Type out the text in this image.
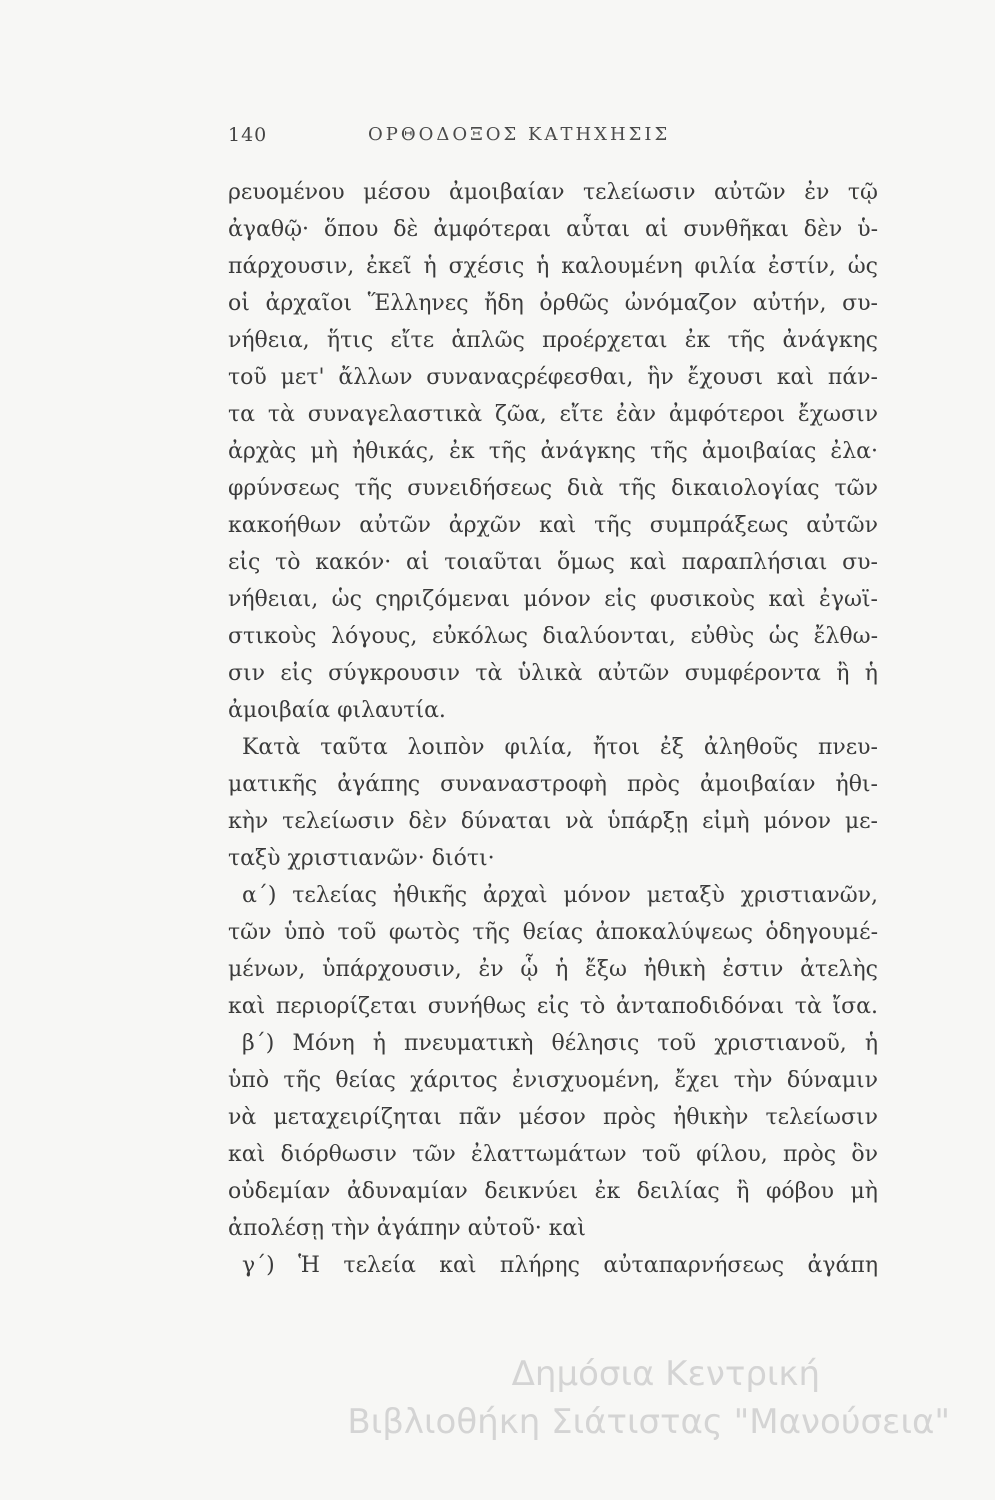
140	ΟΡΘΟΔΟΞΟΣ ΚΑΤΗΧΗΣΙΣ
ρευομένου μέσου ἀμοιβαίαν τελείωσιν αὐτῶν ἐν τῷ
ἀγαθῷ· ὅπου δὲ ἀμφότεραι αὗται αἱ συνθῆκαι δὲν ὑ-
πάρχουσιν, ἐκεῖ ἡ σχέσις ἡ καλουμένη φιλία ἐστίν, ὡς
οἱ ἀρχαῖοι Ἕλληνες ἤδη ὀρθῶς ὠνόμαζον αὐτήν, συ-
νήθεια, ἥτις εἴτε ἁπλῶς προέρχεται ἐκ τῆς ἀνάγκης
τοῦ μετ' ἄλλων συναναςρέφεσθαι, ἣν ἔχουσι καὶ πάν-
τα τὰ συναγελαστικὰ ζῶα, εἴτε ἐὰν ἀμφότεροι ἔχωσιν
ἀρχὰς μὴ ἠθικάς, ἐκ τῆς ἀνάγκης τῆς ἀμοιβαίας ἐλα·
φρύνσεως τῆς συνειδήσεως διὰ τῆς δικαιολογίας τῶν
κακοήθων αὐτῶν ἀρχῶν καὶ τῆς συμπράξεως αὐτῶν
εἰς τὸ κακόν· αἱ τοιαῦται ὅμως καὶ παραπλήσιαι συ-
νήθειαι, ὡς ςηριζόμεναι μόνον εἰς φυσικοὺς καὶ ἐγωϊ-
στικοὺς λόγους, εὐκόλως διαλύονται, εὐθὺς ὡς ἔλθω-
σιν εἰς σύγκρουσιν τὰ ὑλικὰ αὐτῶν συμφέροντα ἢ ἡ
ἀμοιβαία φιλαυτία.
Κατὰ ταῦτα λοιπὸν φιλία, ἤτοι ἐξ ἀληθοῦς πνευ-
ματικῆς ἀγάπης συναναστροφὴ πρὸς ἀμοιβαίαν ἠθι-
κὴν τελείωσιν δὲν δύναται νὰ ὑπάρξῃ εἰμὴ μόνον με-
ταξὺ χριστιανῶν· διότι·
α΄) τελείας ἠθικῆς ἀρχαὶ μόνον μεταξὺ χριστιανῶν,
τῶν ὑπὸ τοῦ φωτὸς τῆς θείας ἀποκαλύψεως ὁδηγουμέ-
μένων, ὑπάρχουσιν, ἐν ᾧ ἡ ἔξω ἠθικὴ ἐστιν ἀτελὴς
καὶ περιορίζεται συνήθως εἰς τὸ ἀνταποδιδόναι τὰ ἴσα.
β΄) Μόνη ἡ πνευματικὴ θέλησις τοῦ χριστιανοῦ, ἡ
ὑπὸ τῆς θείας χάριτος ἐνισχυομένη, ἔχει τὴν δύναμιν
νὰ μεταχειρίζηται πᾶν μέσον πρὸς ἠθικὴν τελείωσιν
καὶ διόρθωσιν τῶν ἐλαττωμάτων τοῦ φίλου, πρὸς ὃν
οὐδεμίαν ἀδυναμίαν δεικνύει ἐκ δειλίας ἢ φόβου μὴ
ἀπολέσῃ τὴν ἀγάπην αὐτοῦ· καὶ
γ΄) Ἡ τελεία καὶ πλήρης αὐταπαρνήσεως ἀγάπη
Δημόσια Κεντρική
Βιβλιοθήκη Σιάτιστας "Μανούσεια"
